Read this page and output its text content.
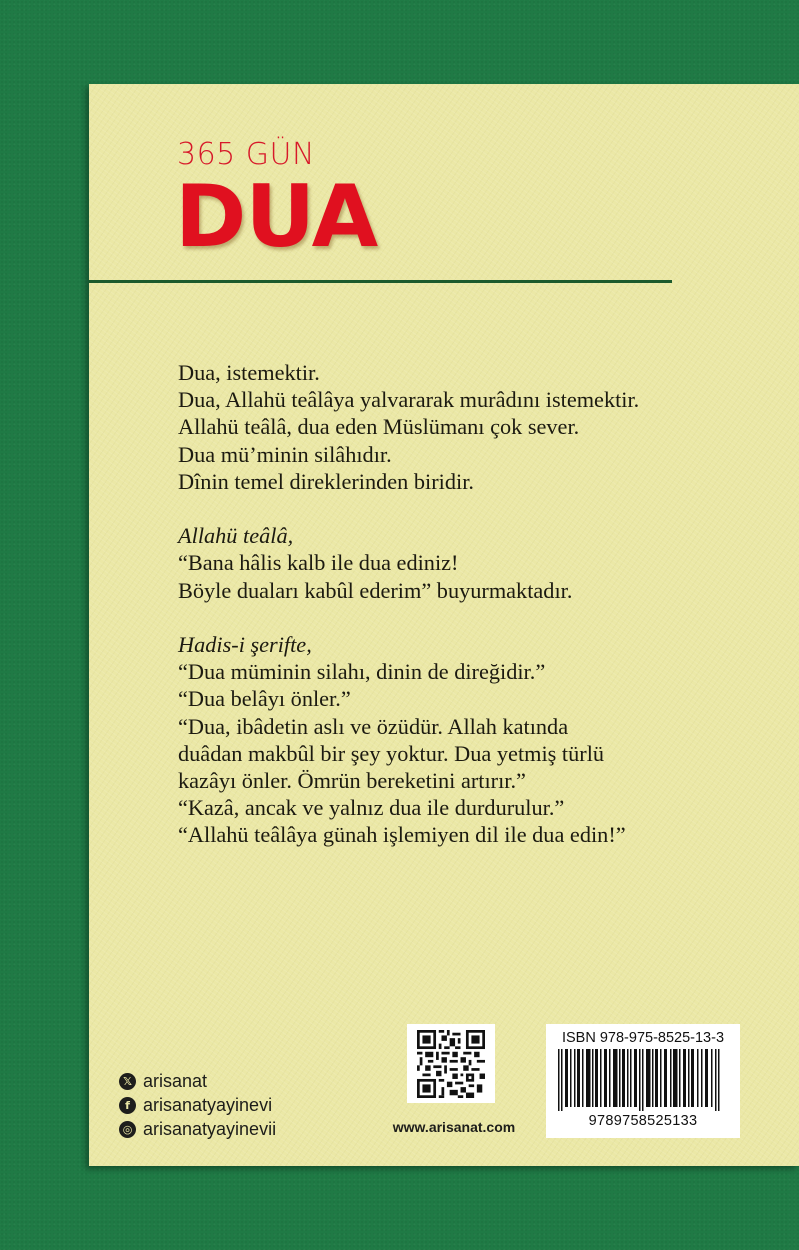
365 GÜN
DUA

Dua, istemektir.

Dua, Allahü teâlâya yalvararak murâdını istemektir.

Allahü teâlâ, dua eden Müslümanı çok sever.

Dua mü’minin silâhıdır.

Dînin temel direklerinden biridir.

Allahü teâlâ,

“Bana hâlis kalb ile dua ediniz!

Böyle duaları kabûl ederim” buyurmaktadır.

Hadis-i şerifte,

“Dua müminin silahı, dinin de direğidir.”

“Dua belâyı önler.”

“Dua, ibâdetin aslı ve özüdür. Allah katında

duâdan makbûl bir şey yoktur. Dua yetmiş türlü

kazâyı önler. Ömrün bereketini artırır.”

“Kazâ, ancak ve yalnız dua ile durdurulur.”

“Allahü teâlâya günah işlemiyen dil ile dua edin!”

𝕏 arisanat
f arisanatyayinevi
◎ arisanatyayinevii	www.arisanat.com
ISBN 978-975-8525-13-3
9789758525133
